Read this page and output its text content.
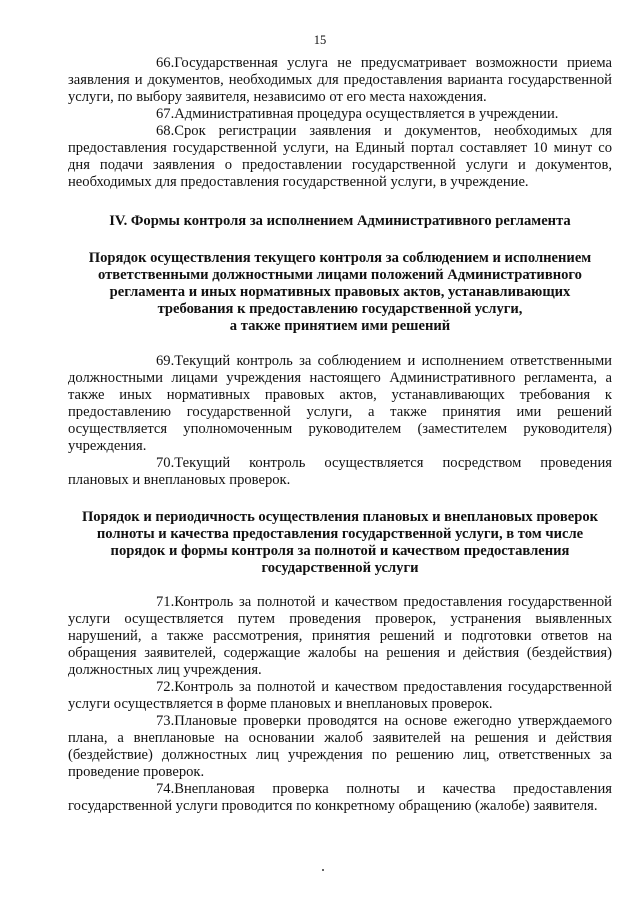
15

66.Государственная услуга не предусматривает возможности приема заявления и документов, необходимых для предоставления варианта государственной услуги, по выбору заявителя, независимо от его места нахождения.

67.Административная процедура осуществляется в учреждении.

68.Срок регистрации заявления и документов, необходимых для предоставления государственной услуги, на Единый портал составляет 10 минут со дня подачи заявления о предоставлении государственной услуги и документов, необходимых для предоставления государственной услуги, в учреждение.

IV. Формы контроля за исполнением Административного регламента
Порядок осуществления текущего контроля за соблюдением и исполнением
ответственными должностными лицами положений Административного
регламента и иных нормативных правовых актов, устанавливающих
требования к предоставлению государственной услуги,
а также принятием ими решений

69.Текущий контроль за соблюдением и исполнением ответственными должностными лицами учреждения настоящего Административного регламента, а также иных нормативных правовых актов, устанавливающих требования к предоставлению государственной услуги, а также принятия ими решений осуществляется уполномоченным руководителем (заместителем руководителя) учреждения.

70.Текущий контроль осуществляется посредством проведения плановых и внеплановых проверок.

Порядок и периодичность осуществления плановых и внеплановых проверок
полноты и качества предоставления государственной услуги, в том числе
порядок и формы контроля за полнотой и качеством предоставления
государственной услуги

71.Контроль за полнотой и качеством предоставления государственной услуги осуществляется путем проведения проверок, устранения выявленных нарушений, а также рассмотрения, принятия решений и подготовки ответов на обращения заявителей, содержащие жалобы на решения и действия (бездействия) должностных лиц учреждения.

72.Контроль за полнотой и качеством предоставления государственной услуги осуществляется в форме плановых и внеплановых проверок.

73.Плановые проверки проводятся на основе ежегодно утверждаемого плана, а внеплановые на основании жалоб заявителей на решения и действия (бездействие) должностных лиц учреждения по решению лиц, ответственных за проведение проверок.

74.Внеплановая проверка полноты и качества предоставления государственной услуги проводится по конкретному обращению (жалобе) заявителя.
